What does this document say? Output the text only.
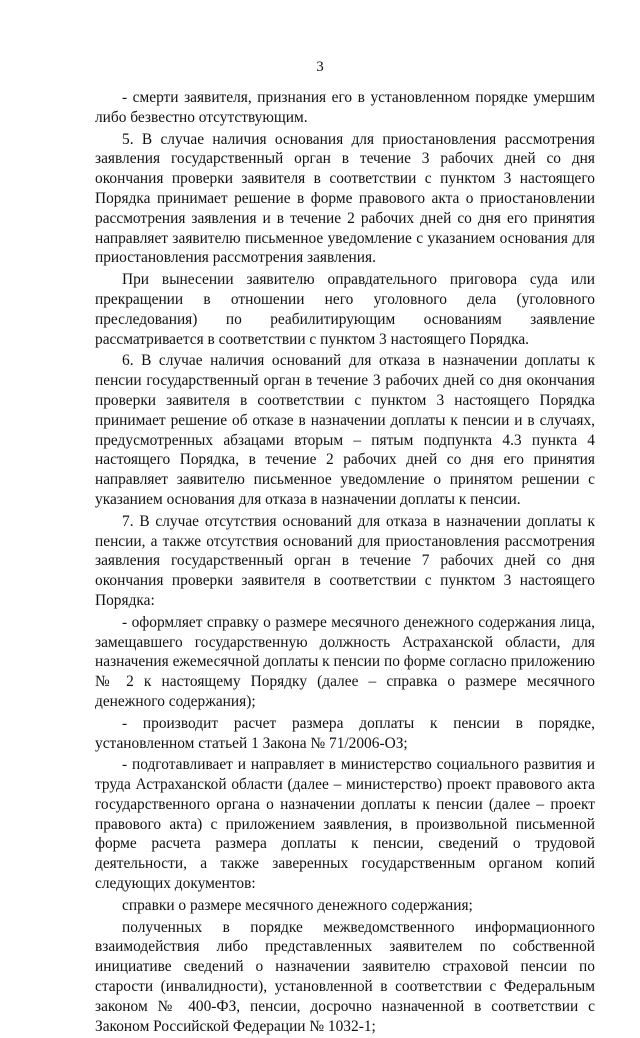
3

- смерти заявителя, признания его в установленном порядке умершим либо безвестно отсутствующим.

5. В случае наличия основания для приостановления рассмотрения заявления государственный орган в течение 3 рабочих дней со дня окончания проверки заявителя в соответствии с пунктом 3 настоящего Порядка принимает решение в форме правового акта о приостановлении рассмотрения заявления и в течение 2 рабочих дней со дня его принятия направляет заявителю письменное уведомление с указанием основания для приостановления рассмотрения заявления.

При вынесении заявителю оправдательного приговора суда или прекращении в отношении него уголовного дела (уголовного преследования) по реабилитирующим основаниям заявление рассматривается в соответствии с пунктом 3 настоящего Порядка.

6. В случае наличия оснований для отказа в назначении доплаты к пенсии государственный орган в течение 3 рабочих дней со дня окончания проверки заявителя в соответствии с пунктом 3 настоящего Порядка принимает решение об отказе в назначении доплаты к пенсии и в случаях, предусмотренных абзацами вторым – пятым подпункта 4.3 пункта 4 настоящего Порядка, в течение 2 рабочих дней со дня его принятия направляет заявителю письменное уведомление о принятом решении с указанием основания для отказа в назначении доплаты к пенсии.

7. В случае отсутствия оснований для отказа в назначении доплаты к пенсии, а также отсутствия оснований для приостановления рассмотрения заявления государственный орган в течение 7 рабочих дней со дня окончания проверки заявителя в соответствии с пунктом 3 настоящего Порядка:

- оформляет справку о размере месячного денежного содержания лица, замещавшего государственную должность Астраханской области, для назначения ежемесячной доплаты к пенсии по форме согласно приложению № 2 к настоящему Порядку (далее – справка о размере месячного денежного содержания);

- производит расчет размера доплаты к пенсии в порядке, установленном статьей 1 Закона № 71/2006-ОЗ;

- подготавливает и направляет в министерство социального развития и труда Астраханской области (далее – министерство) проект правового акта государственного органа о назначении доплаты к пенсии (далее – проект правового акта) с приложением заявления, в произвольной письменной форме расчета размера доплаты к пенсии, сведений о трудовой деятельности, а также заверенных государственным органом копий следующих документов:

справки о размере месячного денежного содержания;

полученных в порядке межведомственного информационного взаимодействия либо представленных заявителем по собственной инициативе сведений о назначении заявителю страховой пенсии по старости (инвалидности), установленной в соответствии с Федеральным законом № 400-ФЗ, пенсии, досрочно назначенной в соответствии с Законом Российской Федерации № 1032-1;
